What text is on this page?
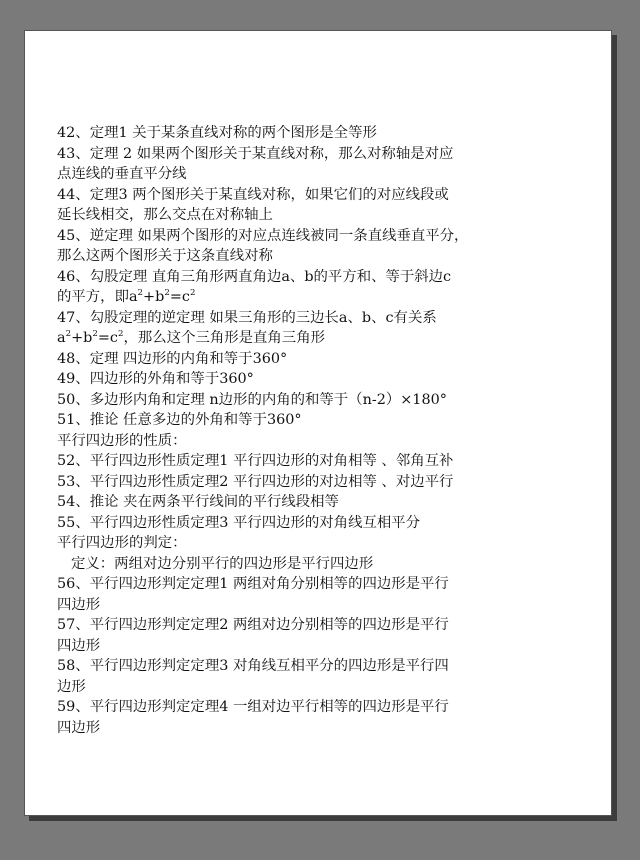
42、定理1 关于某条直线对称的两个图形是全等形
43、定理 2 如果两个图形关于某直线对称，那么对称轴是对应
点连线的垂直平分线
44、定理3 两个图形关于某直线对称，如果它们的对应线段或
延长线相交，那么交点在对称轴上
45、逆定理 如果两个图形的对应点连线被同一条直线垂直平分，
那么这两个图形关于这条直线对称
46、勾股定理 直角三角形两直角边a、b的平方和、等于斜边c
的平方，即$a^2+b^2=c^2$
47、勾股定理的逆定理 如果三角形的三边长a、b、c有关系
$a^2+b^2=c^2$，那么这个三角形是直角三角形
48、定理 四边形的内角和等于360°
49、四边形的外角和等于360°
50、多边形内角和定理 n边形的内角的和等于（n-2）×180°
51、推论 任意多边的外角和等于360°
平行四边形的性质：
52、平行四边形性质定理1 平行四边形的对角相等 、邻角互补
53、平行四边形性质定理2 平行四边形的对边相等 、对边平行
54、推论 夹在两条平行线间的平行线段相等
55、平行四边形性质定理3 平行四边形的对角线互相平分
平行四边形的判定：
定义：两组对边分别平行的四边形是平行四边形
56、平行四边形判定定理1 两组对角分别相等的四边形是平行
四边形
57、平行四边形判定定理2 两组对边分别相等的四边形是平行
四边形
58、平行四边形判定定理3 对角线互相平分的四边形是平行四
边形
59、平行四边形判定定理4 一组对边平行相等的四边形是平行
四边形
